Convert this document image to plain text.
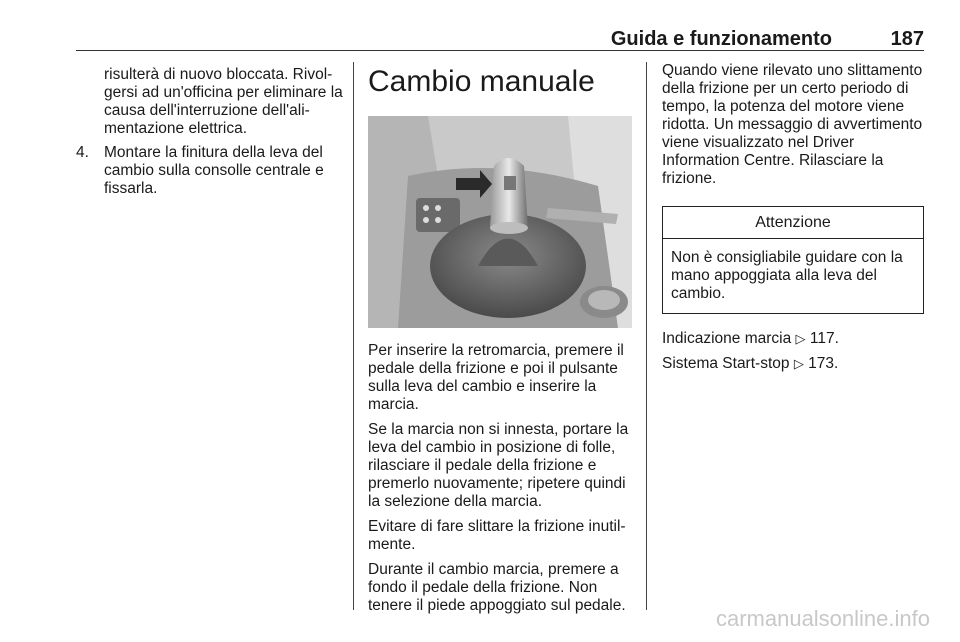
Guida e funzionamento	187
risulterà di nuovo bloccata. Rivolgersi ad un'officina per eliminare la causa dell'interruzione dell'alimentazione elettrica.
4. Montare la finitura della leva del cambio sulla consolle centrale e fissarla.
Cambio manuale

Per inserire la retromarcia, premere il pedale della frizione e poi il pulsante sulla leva del cambio e inserire la marcia.

Se la marcia non si innesta, portare la leva del cambio in posizione di folle, rilasciare il pedale della frizione e premerlo nuovamente; ripetere quindi la selezione della marcia.

Evitare di fare slittare la frizione inutilmente.

Durante il cambio marcia, premere a fondo il pedale della frizione. Non tenere il piede appoggiato sul pedale.

Quando viene rilevato uno slittamento della frizione per un certo periodo di tempo, la potenza del motore viene ridotta. Un messaggio di avvertimento viene visualizzato nel Driver Information Centre. Rilasciare la frizione.

Attenzione
Non è consigliabile guidare con la mano appoggiata alla leva del cambio.

Indicazione marcia ▷ 117.

Sistema Start-stop ▷ 173.

carmanualsonline.info
